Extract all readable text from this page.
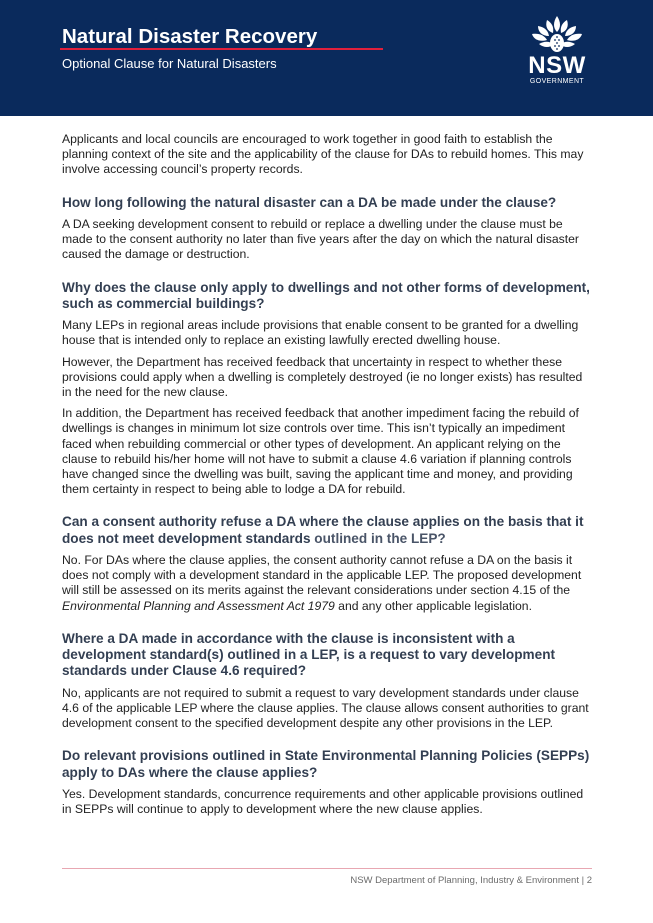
Natural Disaster Recovery
Optional Clause for Natural Disasters	NSW
GOVERNMENT

Applicants and local councils are encouraged to work together in good faith to establish the planning context of the site and the applicability of the clause for DAs to rebuild homes. This may involve accessing council’s property records.

How long following the natural disaster can a DA be made under the clause?

A DA seeking development consent to rebuild or replace a dwelling under the clause must be made to the consent authority no later than five years after the day on which the natural disaster caused the damage or destruction.

Why does the clause only apply to dwellings and not other forms of development, such as commercial buildings?

Many LEPs in regional areas include provisions that enable consent to be granted for a dwelling house that is intended only to replace an existing lawfully erected dwelling house.

However, the Department has received feedback that uncertainty in respect to whether these provisions could apply when a dwelling is completely destroyed (ie no longer exists) has resulted in the need for the new clause.

In addition, the Department has received feedback that another impediment facing the rebuild of dwellings is changes in minimum lot size controls over time. This isn’t typically an impediment faced when rebuilding commercial or other types of development. An applicant relying on the clause to rebuild his/her home will not have to submit a clause 4.6 variation if planning controls have changed since the dwelling was built, saving the applicant time and money, and providing them certainty in respect to being able to lodge a DA for rebuild.

Can a consent authority refuse a DA where the clause applies on the basis that it does not meet development standards outlined in the LEP?

No. For DAs where the clause applies, the consent authority cannot refuse a DA on the basis it does not comply with a development standard in the applicable LEP. The proposed development will still be assessed on its merits against the relevant considerations under section 4.15 of the Environmental Planning and Assessment Act 1979 and any other applicable legislation.

Where a DA made in accordance with the clause is inconsistent with a development standard(s) outlined in a LEP, is a request to vary development standards under Clause 4.6 required?

No, applicants are not required to submit a request to vary development standards under clause 4.6 of the applicable LEP where the clause applies. The clause allows consent authorities to grant development consent to the specified development despite any other provisions in the LEP.

Do relevant provisions outlined in State Environmental Planning Policies (SEPPs) apply to DAs where the clause applies?

Yes. Development standards, concurrence requirements and other applicable provisions outlined in SEPPs will continue to apply to development where the new clause applies.

NSW Department of Planning, Industry & Environment | 2
